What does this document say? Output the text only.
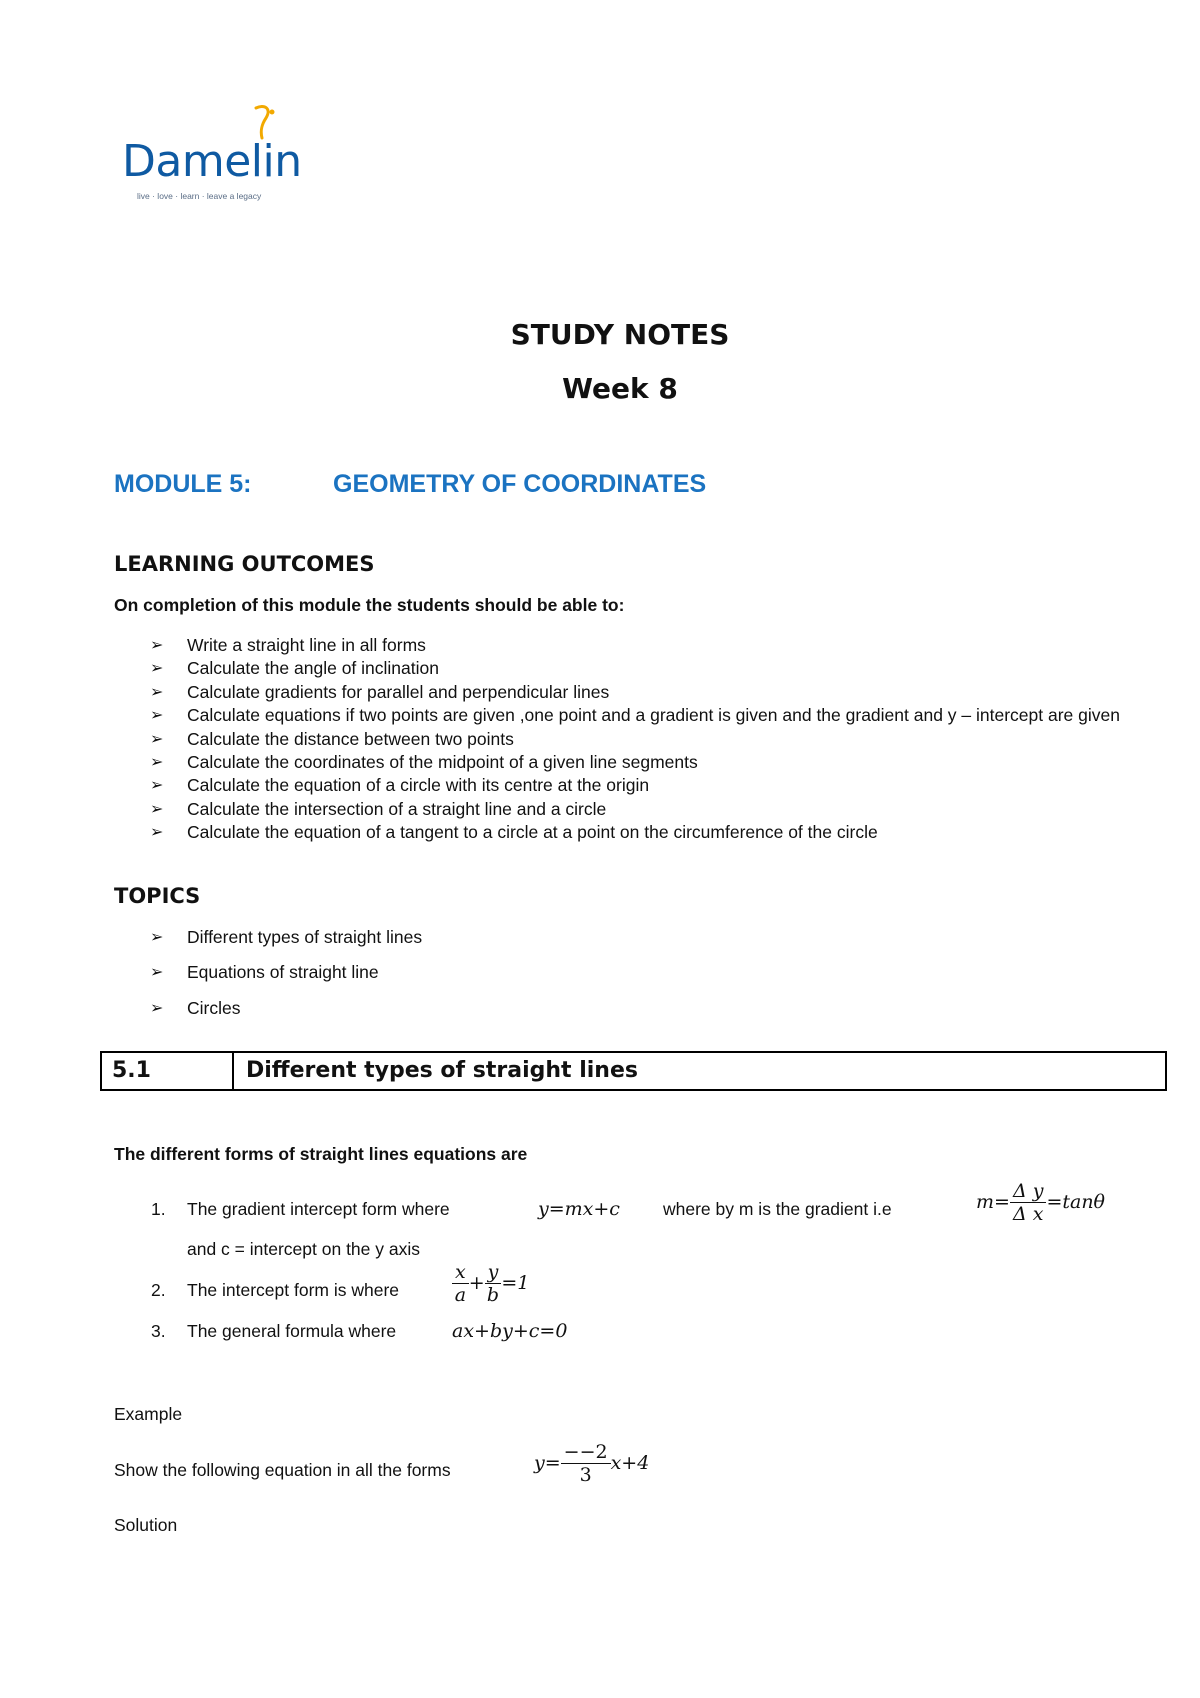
Damelin
live · love · learn · leave a legacy
STUDY NOTES
Week 8
MODULE 5:	GEOMETRY OF COORDINATES
LEARNING OUTCOMES
On completion of this module the students should be able to:
➢ Write a straight line in all forms
➢ Calculate the angle of inclination
➢ Calculate gradients for parallel and perpendicular lines
➢ Calculate equations if two points are given ,one point and a gradient is given and the gradient and y – intercept are given
➢ Calculate the distance between two points
➢ Calculate the coordinates of the midpoint of a given line segments
➢ Calculate the equation of a circle with its centre at the origin
➢ Calculate the intersection of a straight line and a circle
➢ Calculate the equation of a tangent to a circle at a point on the circumference of the circle
TOPICS
➢ Different types of straight lines
➢ Equations of straight line
➢ Circles
5.1	Different types of straight lines
The different forms of straight lines equations are
1. The gradient intercept form where	y=mx+c where by m is the gradient i.e	$m= \frac{\text{Δ y}}{\text{Δ x}} =\tan\theta$
and c = intercept on the y axis
2. The intercept form is where	$\frac{x}{a} + \frac{y}{b} =1$
3. The general formula where	ax+by+c=0
Example
Show the following equation in all the forms	$y= \frac{--2}{3} x+4$
Solution
